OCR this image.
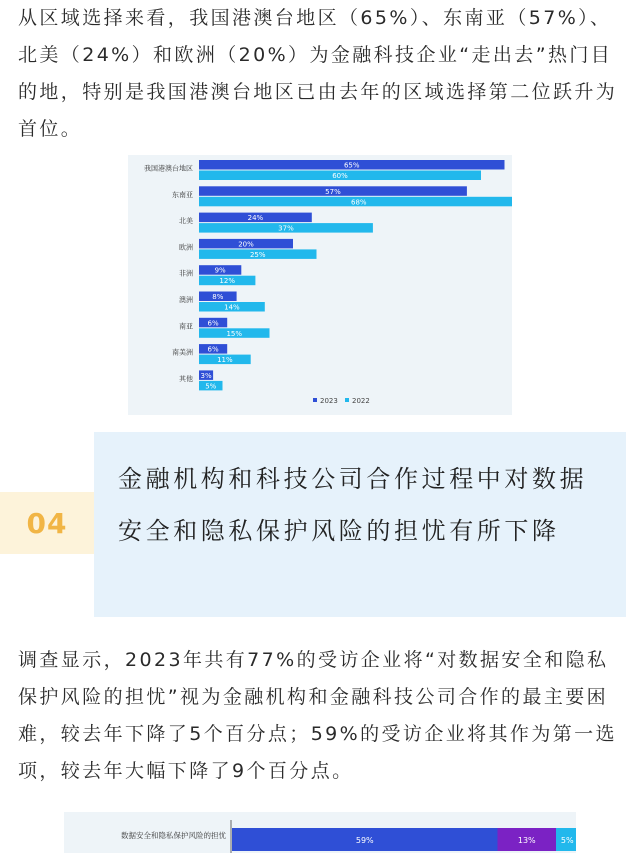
从区域选择来看，我国港澳台地区（65%）、东南亚（57%）、北美（24%）和欧洲（20%）为金融科技企业“走出去”热门目的地，特别是我国港澳台地区已由去年的区域选择第二位跃升为首位。

我国港澳台地区	65%
60%
东南亚	57%
68%
北美	24%
37%
欧洲	20%
25%
非洲	9%
12%
澳洲	8%
14%
南亚 6%
15%
南美洲 6%
11%
其他 3%
5%
2023 2022
04

金融机构和科技公司合作过程中对数据安全和隐私保护风险的担忧有所下降

调查显示，2023年共有77%的受访企业将“对数据安全和隐私保护风险的担忧”视为金融机构和金融科技公司合作的最主要困难，较去年下降了5个百分点；59%的受访企业将其作为第一选项，较去年大幅下降了9个百分点。

数据安全和隐私保护风险的担忧
59%	13%	5%
